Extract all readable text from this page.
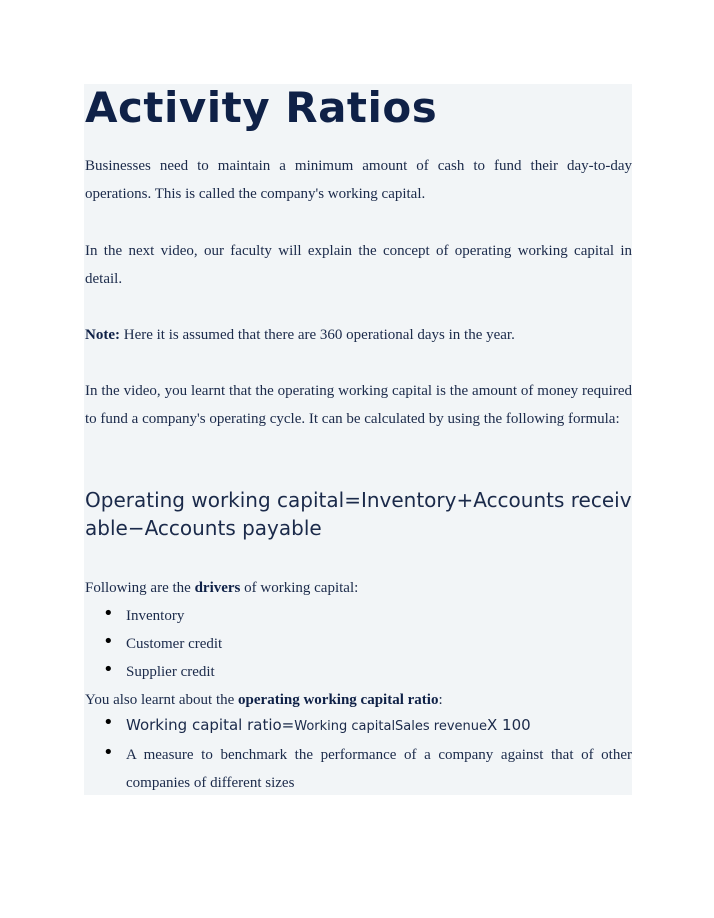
Activity Ratios

Businesses need to maintain a minimum amount of cash to fund their day-to-day operations. This is called the company's working capital.

In the next video, our faculty will explain the concept of operating working capital in detail.

Note: Here it is assumed that there are 360 operational days in the year.

In the video, you learnt that the operating working capital is the amount of money required to fund a company's operating cycle. It can be calculated by using the following formula:

Operating working capital=Inventory+Accounts receivable−Accounts payable

Following are the drivers of working capital:

• Inventory
• Customer credit
• Supplier credit

You also learnt about the operating working capital ratio:

• Working capital ratio=Working capitalSales revenueX 100
• A measure to benchmark the performance of a company against that of other companies of different sizes
